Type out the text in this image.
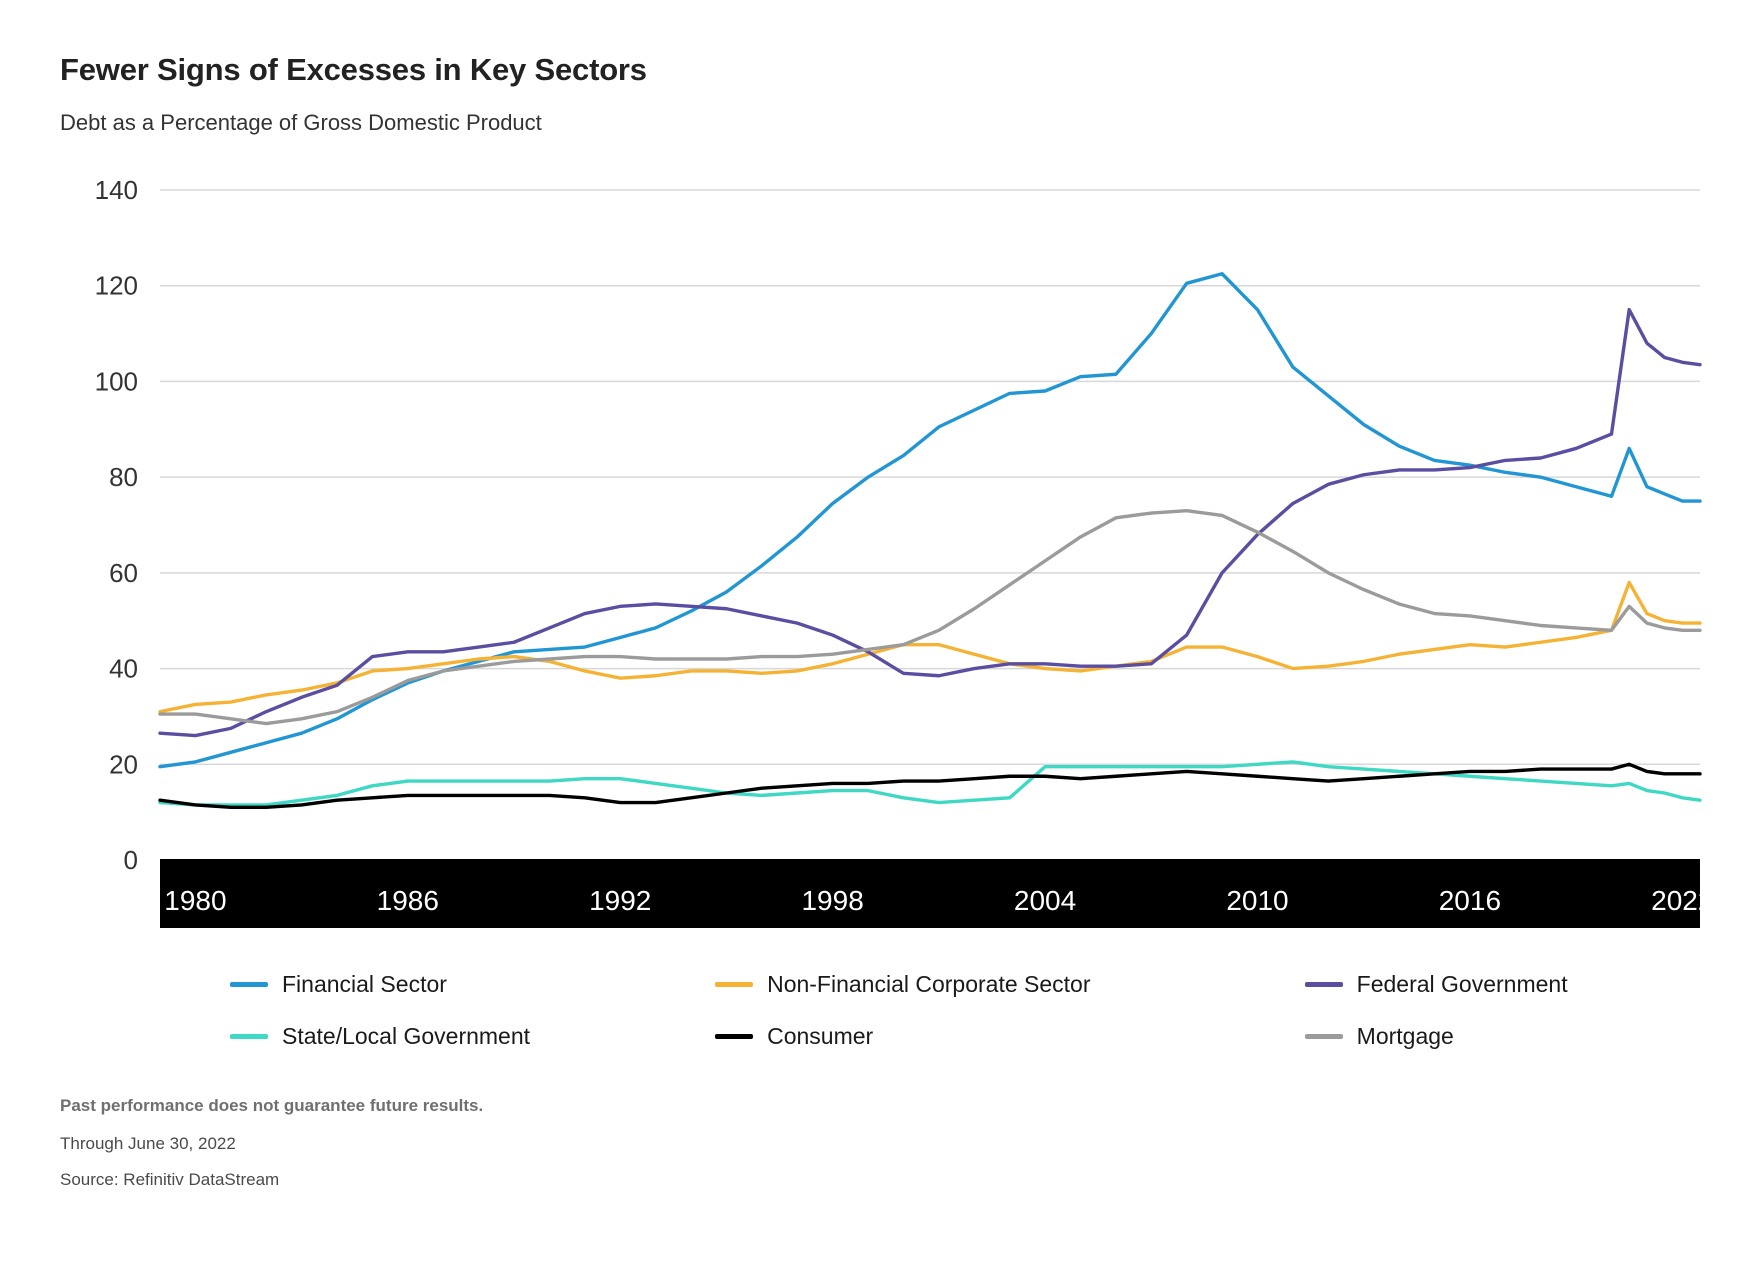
Fewer Signs of Excesses in Key Sectors
Debt as a Percentage of Gross Domestic Product
0
20
40
60
80
100
120
140
1980	1986	1992	1998	2004	2010	2016	2022
Financial Sector	Non-Financial Corporate Sector	Federal Government
State/Local Government	Consumer	Mortgage
Past performance does not guarantee future results.
Through June 30, 2022
Source: Refinitiv DataStream
